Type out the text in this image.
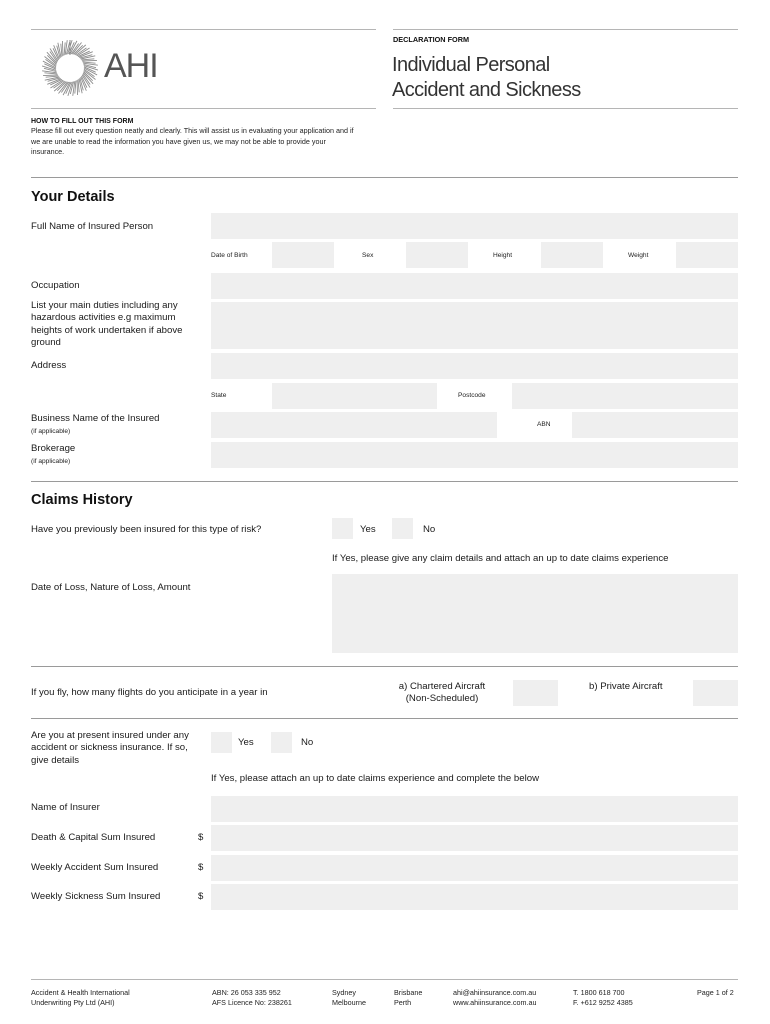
AHI
DECLARATION FORM
Individual Personal
Accident and Sickness
HOW TO FILL OUT THIS FORM
Please fill out every question neatly and clearly. This will assist us in evaluating your application and if we are unable to read the information you have given us, we may not be able to provide your insurance.
Your Details
Full Name of Insured Person
Date of Birth	Sex	Height	Weight
Occupation
List your main duties including any hazardous activities e.g maximum heights of work undertaken if above ground
Address
State	Postcode
Business Name of the Insured
(if applicable)
ABN
Brokerage
(if applicable)
Claims History
Have you previously been insured for this type of risk?	Yes	No
If Yes, please give any claim details and attach an up to date claims experience
Date of Loss, Nature of Loss, Amount
If you fly, how many flights do you anticipate in a year in
a) Chartered Aircraft
(Non-Scheduled)
b) Private Aircraft
Are you at present insured under any accident or sickness insurance. If so, give details
Yes	No
If Yes, please attach an up to date claims experience and complete the below
Name of Insurer
Death & Capital Sum Insured	$
Weekly Accident Sum Insured	$
Weekly Sickness Sum Insured	$
Accident & Health International
Underwriting Pty Ltd (AHI)
ABN: 26 053 335 952
AFS Licence No: 238261
Sydney
Melbourne
Brisbane
Perth
ahi@ahiinsurance.com.au
www.ahiinsurance.com.au
T. 1800 618 700
F. +612 9252 4385
Page 1 of 2
